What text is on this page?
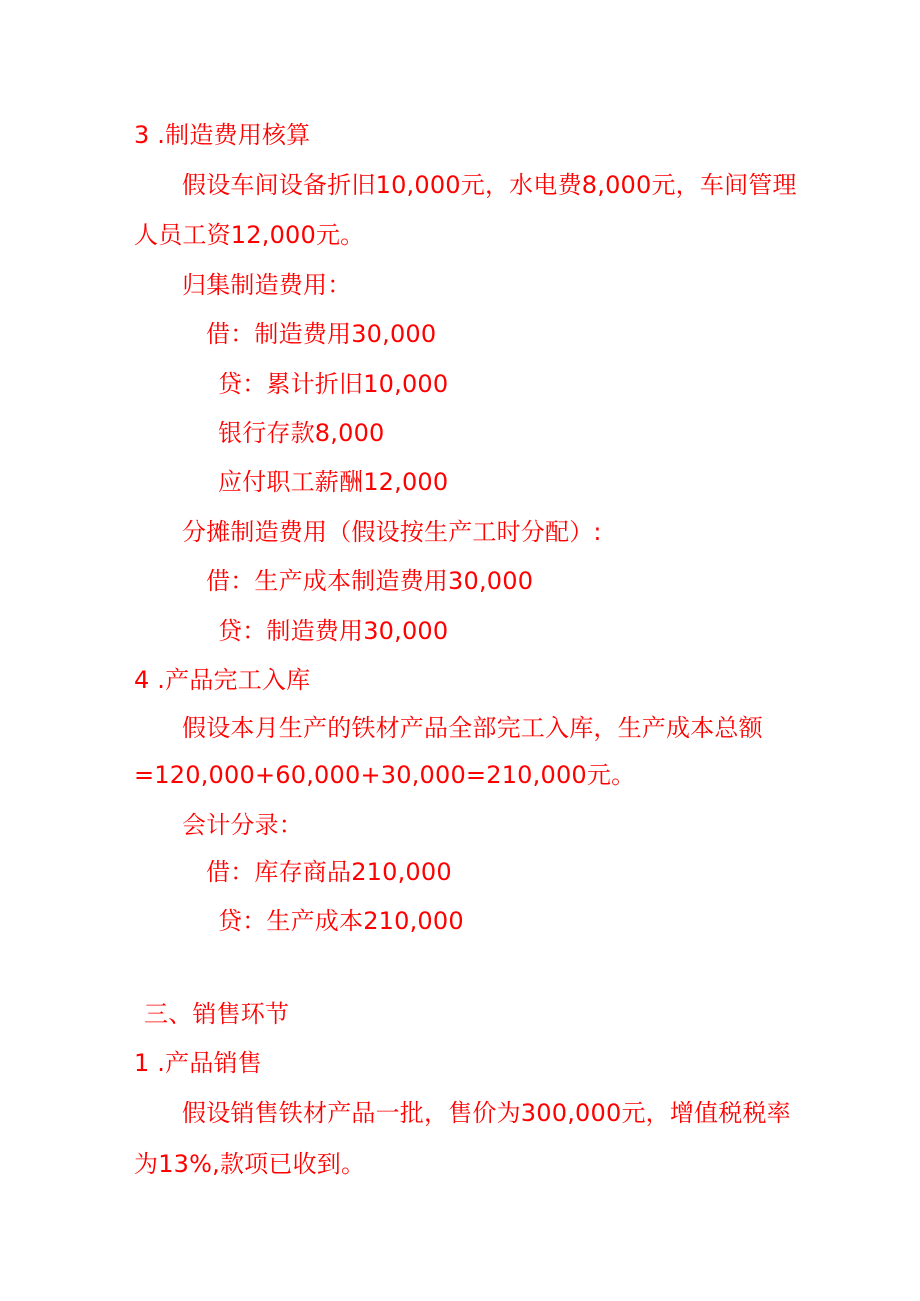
3 .制造费用核算
假设车间设备折旧10,000元，水电费8,000元，车间管理
人员工资12,000元。
归集制造费用：
借：制造费用30,000
贷：累计折旧10,000
银行存款8,000
应付职工薪酬12,000
分摊制造费用（假设按生产工时分配）:
借：生产成本制造费用30,000
贷：制造费用30,000
4 .产品完工入库
假设本月生产的铁材产品全部完工入库，生产成本总额
=120,000+60,000+30,000=210,000元。
会计分录：
借：库存商品210,000
贷：生产成本210,000
三、销售环节
1 .产品销售
假设销售铁材产品一批，售价为300,000元，增值税税率
为13%,款项已收到。
